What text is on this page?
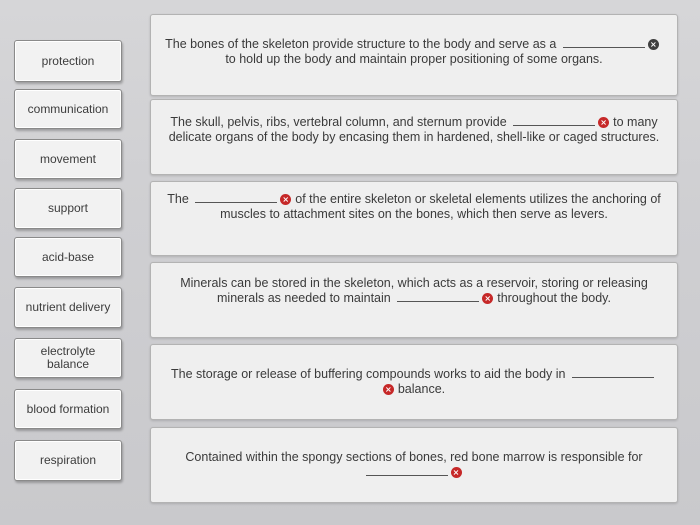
protection
communication
movement
support
acid-base
nutrient delivery
electrolyte balance
blood formation
respiration
The bones of the skeleton provide structure to the body and serve as a	×to hold up the body and maintain proper positioning of some organs.
The skull, pelvis, ribs, vertebral column, and sternum provide	× to many delicate organs of the body by encasing them in hardened, shell-like or caged structures.
The	× of the entire skeleton or skeletal elements utilizes the anchoring of muscles to attachment sites on the bones, which then serve as levers.
Minerals can be stored in the skeleton, which acts as a reservoir, storing or releasing minerals as needed to maintain	× throughout the body.
The storage or release of buffering compounds works to aid the body in × balance.
Contained within the spongy sections of bones, red bone marrow is responsible for ×
